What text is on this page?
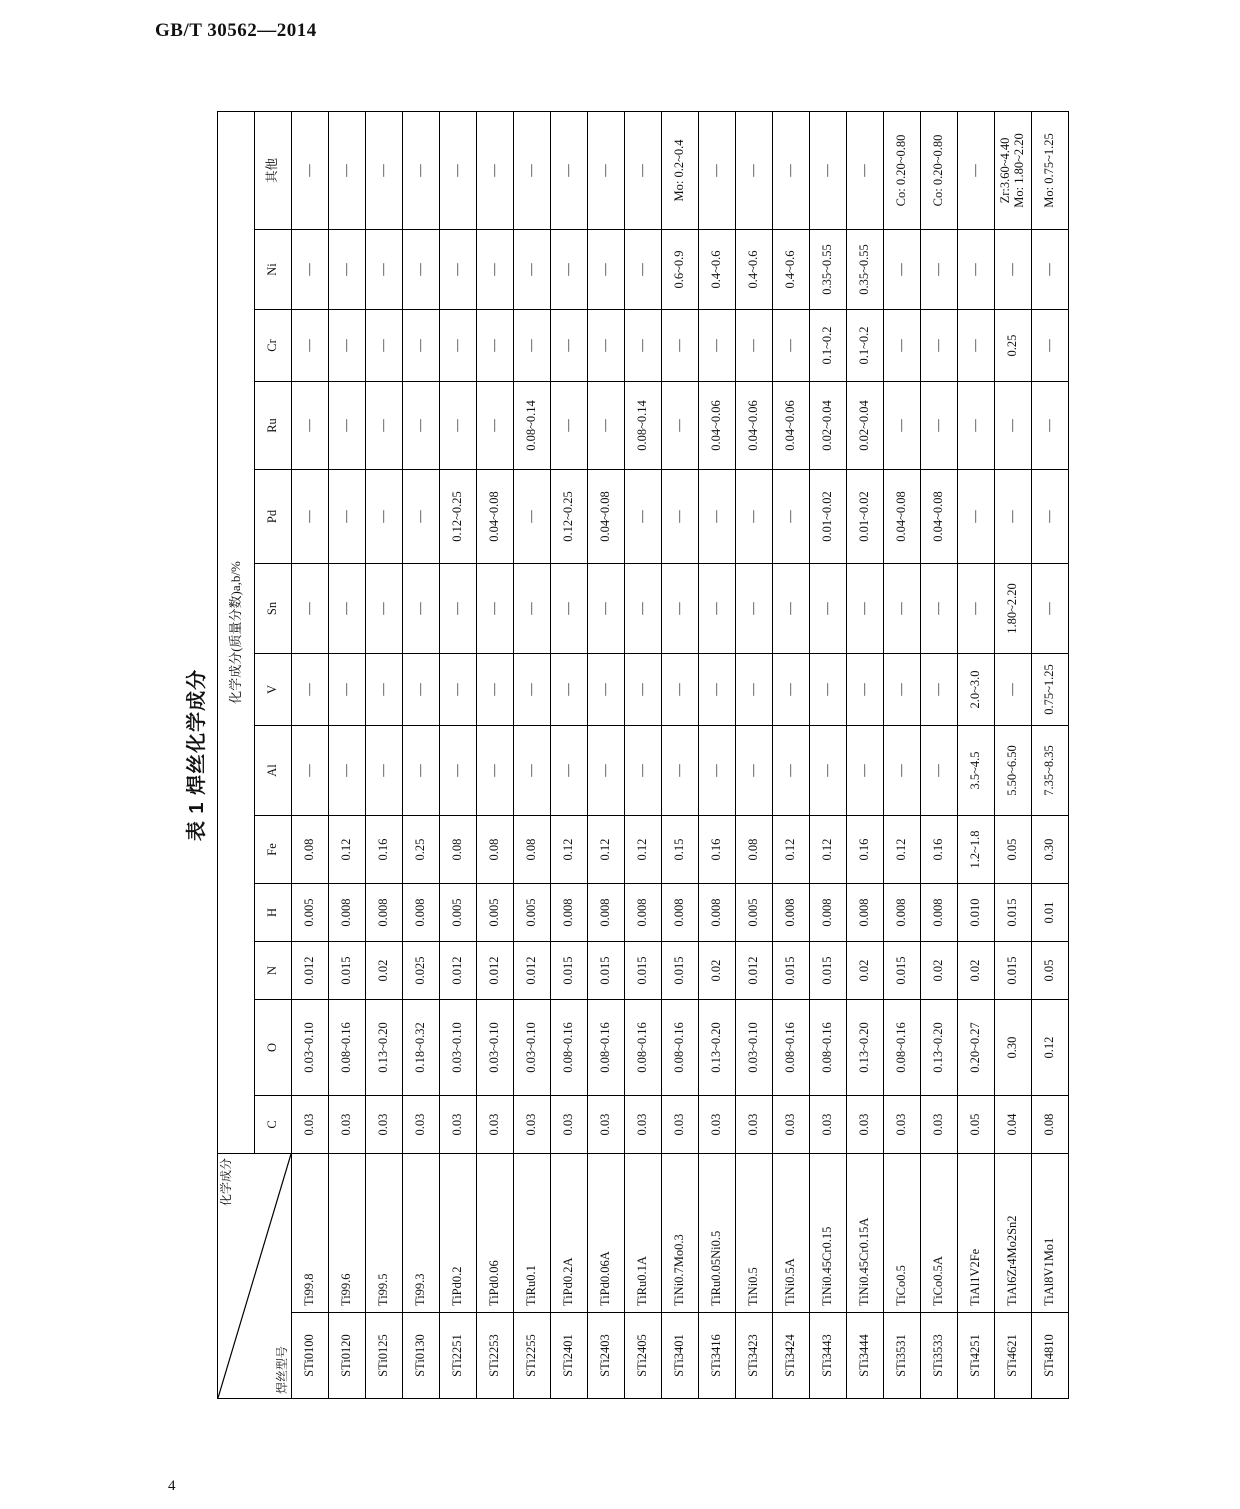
GB/T 30562—2014
表 1 焊丝化学成分
化学成分
焊丝型号		化学成分(质量分数)a,b/%												
		C	O	N	H	Fe	Al	V	Sn	Pd	Ru	Cr	Ni	其他
STi0100	Ti99.8	0.03	0.03~0.10	0.012	0.005	0.08	—	—	—	—	—	—	—	—
STi0120	Ti99.6	0.03	0.08~0.16	0.015	0.008	0.12	—	—	—	—	—	—	—	—
STi0125	Ti99.5	0.03	0.13~0.20	0.02	0.008	0.16	—	—	—	—	—	—	—	—
STi0130	Ti99.3	0.03	0.18~0.32	0.025	0.008	0.25	—	—	—	—	—	—	—	—
STi2251	TiPd0.2	0.03	0.03~0.10	0.012	0.005	0.08	—	—	—	0.12~0.25	—	—	—	—
STi2253	TiPd0.06	0.03	0.03~0.10	0.012	0.005	0.08	—	—	—	0.04~0.08	—	—	—	—
STi2255	TiRu0.1	0.03	0.03~0.10	0.012	0.005	0.08	—	—	—	—	0.08~0.14	—	—	—
STi2401	TiPd0.2A	0.03	0.08~0.16	0.015	0.008	0.12	—	—	—	0.12~0.25	—	—	—	—
STi2403	TiPd0.06A	0.03	0.08~0.16	0.015	0.008	0.12	—	—	—	0.04~0.08	—	—	—	—
STi2405	TiRu0.1A	0.03	0.08~0.16	0.015	0.008	0.12	—	—	—	—	0.08~0.14	—	—	—
STi3401	TiNi0.7Mo0.3	0.03	0.08~0.16	0.015	0.008	0.15	—	—	—	—	—	—	0.6~0.9	Mo: 0.2~0.4
STi3416	TiRu0.05Ni0.5	0.03	0.13~0.20	0.02	0.008	0.16	—	—	—	—	0.04~0.06	—	0.4~0.6	—
STi3423	TiNi0.5	0.03	0.03~0.10	0.012	0.005	0.08	—	—	—	—	0.04~0.06	—	0.4~0.6	—
STi3424	TiNi0.5A	0.03	0.08~0.16	0.015	0.008	0.12	—	—	—	—	0.04~0.06	—	0.4~0.6	—
STi3443	TiNi0.45Cr0.15	0.03	0.08~0.16	0.015	0.008	0.12	—	—	—	0.01~0.02	0.02~0.04	0.1~0.2	0.35~0.55	—
STi3444	TiNi0.45Cr0.15A	0.03	0.13~0.20	0.02	0.008	0.16	—	—	—	0.01~0.02	0.02~0.04	0.1~0.2	0.35~0.55	—
STi3531	TiCo0.5	0.03	0.08~0.16	0.015	0.008	0.12	—	—	—	0.04~0.08	—	—	—	Co: 0.20~0.80
STi3533	TiCo0.5A	0.03	0.13~0.20	0.02	0.008	0.16	—	—	—	0.04~0.08	—	—	—	Co: 0.20~0.80
STi4251	TiAl1V2Fe	0.05	0.20~0.27	0.02	0.010	1.2~1.8	3.5~4.5	2.0~3.0	—	—	—	—	—	—
STi4621	TiAl6Zr4Mo2Sn2	0.04	0.30	0.015	0.015	0.05	5.50~6.50	—	1.80~2.20	—	—	0.25	—	Zr:3.60~4.40 Mo: 1.80~2.20

STi4810	TiAl8V1Mo1	0.08	0.12	0.05	0.01	0.30	7.35~8.35	0.75~1.25	—	—	—	—	—	Mo: 0.75~1.25
4
